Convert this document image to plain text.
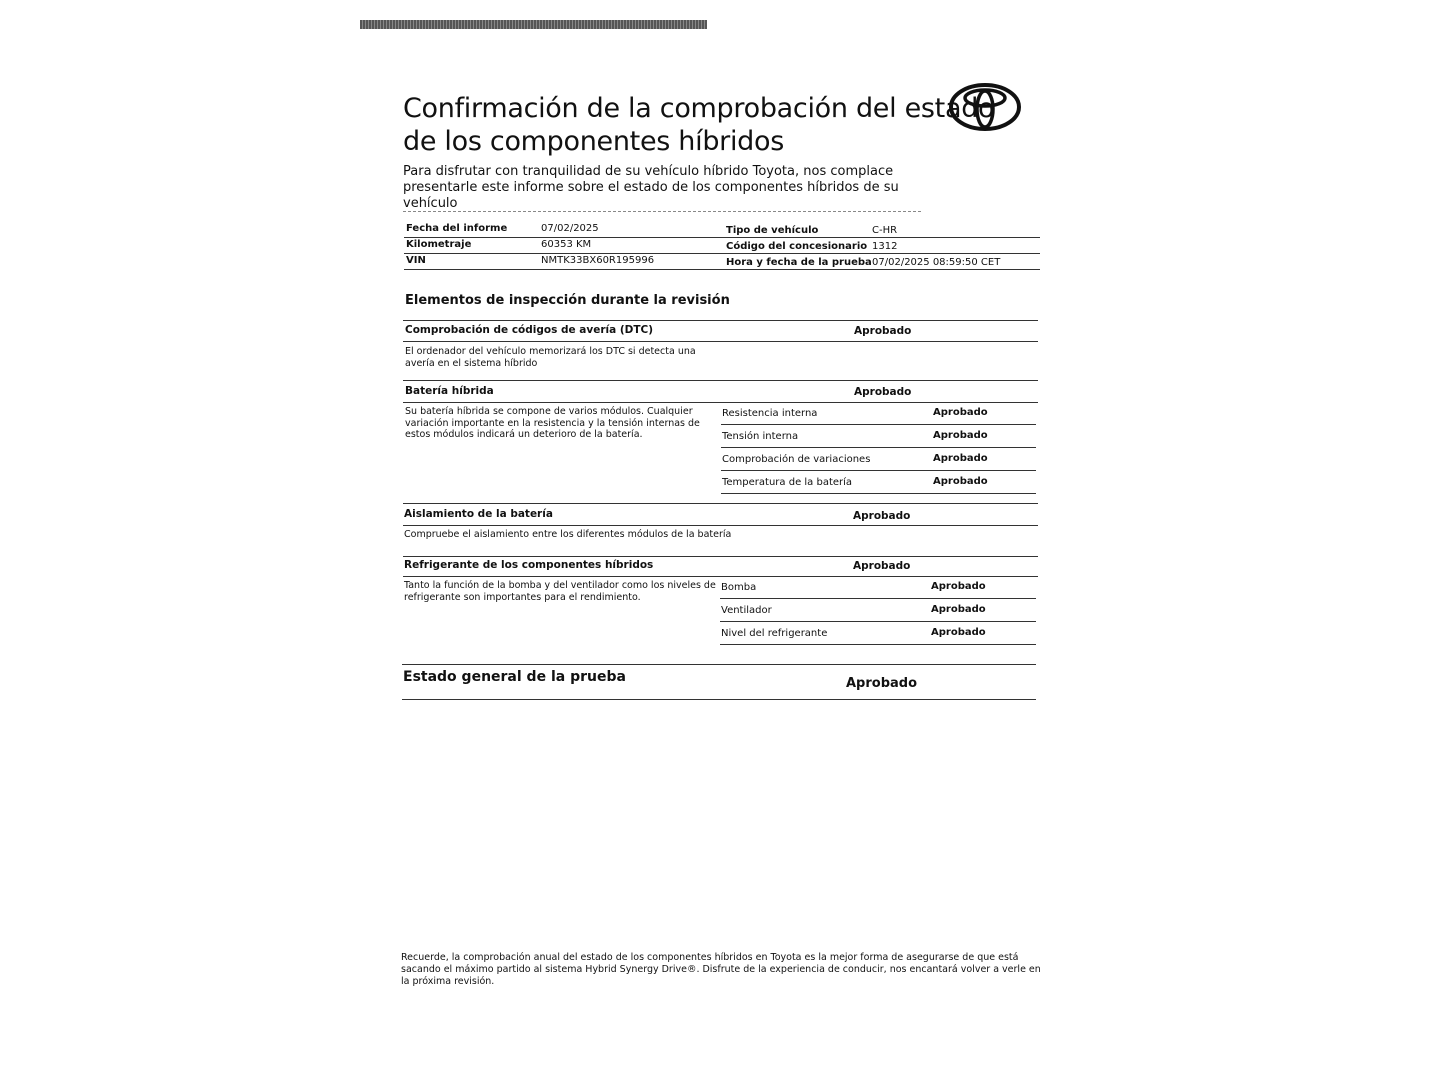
Confirmación de la comprobación del estado
de los componentes híbridos
Para disfrutar con tranquilidad de su vehículo híbrido Toyota, nos complace presentarle este informe sobre el estado de los componentes híbridos de su vehículo
Fecha del informe	07/02/2025	Tipo de vehículo	C-HR
Kilometraje	60353 KM	Código del concesionario 1312
VIN	NMTK33BX60R195996	Hora y fecha de la prueba 07/02/2025 08:59:50 CET
Elementos de inspección durante la revisión
Comprobación de códigos de avería (DTC)	Aprobado
El ordenador del vehículo memorizará los DTC si detecta una avería en el sistema híbrido
Batería híbrida	Aprobado
Su batería híbrida se compone de varios módulos. Cualquier variación importante en la resistencia y la tensión internas de estos módulos indicará un deterioro de la batería.
Resistencia interna	Aprobado
Tensión interna	Aprobado
Comprobación de variaciones	Aprobado
Temperatura de la batería	Aprobado
Aislamiento de la batería	Aprobado
Compruebe el aislamiento entre los diferentes módulos de la batería
Refrigerante de los componentes híbridos	Aprobado
Tanto la función de la bomba y del ventilador como los niveles de refrigerante son importantes para el rendimiento.
Bomba	Aprobado
Ventilador	Aprobado
Nivel del refrigerante	Aprobado
Estado general de la prueba	Aprobado
Recuerde, la comprobación anual del estado de los componentes híbridos en Toyota es la mejor forma de asegurarse de que está sacando el máximo partido al sistema Hybrid Synergy Drive®. Disfrute de la experiencia de conducir, nos encantará volver a verle en la próxima revisión.
